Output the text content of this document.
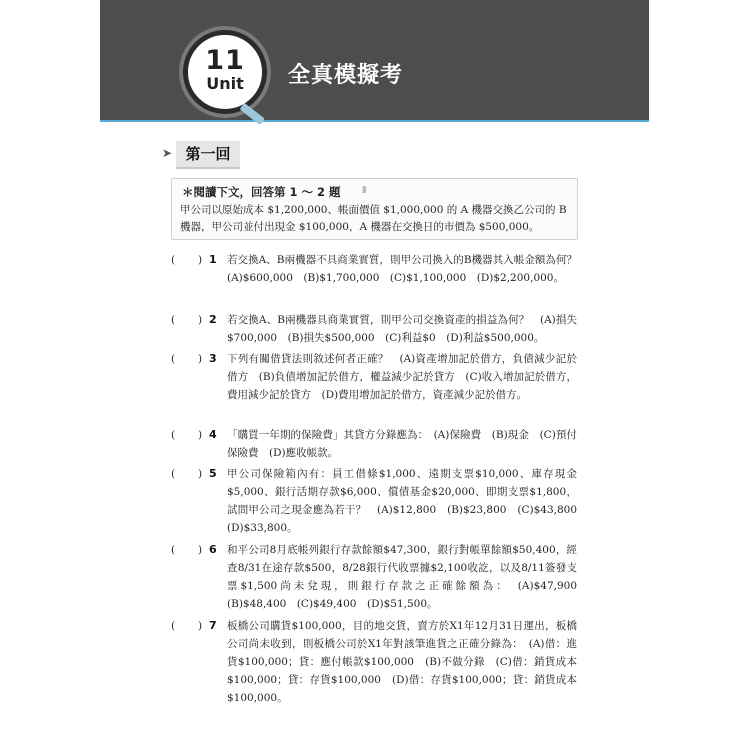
11
Unit	全真模擬考
➤ 第一回
＊閱讀下文，回答第 1 ～ 2 題 ▮
甲公司以原始成本 $1,200,000、帳面價值 $1,000,000 的 A 機器交換乙公司的 B 機器，甲公司並付出現金 $100,000，A 機器在交換日的市價為 $500,000。
( ) 1 若交換A、B兩機器不具商業實質，則甲公司換入的B機器其入帳金額為何？　(A)$600,000　(B)$1,700,000　(C)$1,100,000　(D)$2,200,000。
( ) 2 若交換A、B兩機器具商業實質，則甲公司交換資產的損益為何？　(A)損失$700,000　(B)損失$500,000　(C)利益$0　(D)利益$500,000。
( ) 3 下列有關借貸法則敘述何者正確？　(A)資產增加記於借方，負債減少記於借方　(B)負債增加記於借方，權益減少記於貸方　(C)收入增加記於借方，費用減少記於貸方　(D)費用增加記於借方，資產減少記於借方。
( ) 4 「購買一年期的保險費」其貸方分錄應為：　(A)保險費　(B)現金　(C)預付保險費　(D)應收帳款。
( ) 5 甲公司保險箱內有：員工借條$1,000、遠期支票$10,000、庫存現金$5,000、銀行活期存款$6,000、償債基金$20,000、即期支票$1,800，試問甲公司之現金應為若干？　(A)$12,800　(B)$23,800　(C)$43,800　(D)$33,800。
( ) 6 和平公司8月底帳列銀行存款餘額$47,300，銀行對帳單餘額$50,400，經查8/31在途存款$500，8/28銀行代收票據$2,100收訖，以及8/11簽發支票$1,500尚未兌現，則銀行存款之正確餘額為：　(A)$47,900　(B)$48,400　(C)$49,400　(D)$51,500。
( ) 7 板橋公司購貨$100,000，目的地交貨，賣方於X1年12月31日運出，板橋公司尚未收到，則板橋公司於X1年對該筆進貨之正確分錄為：　(A)借：進貨$100,000；貸：應付帳款$100,000　(B)不做分錄　(C)借：銷貨成本$100,000；貸：存貨$100,000　(D)借：存貨$100,000；貸：銷貨成本$100,000。
